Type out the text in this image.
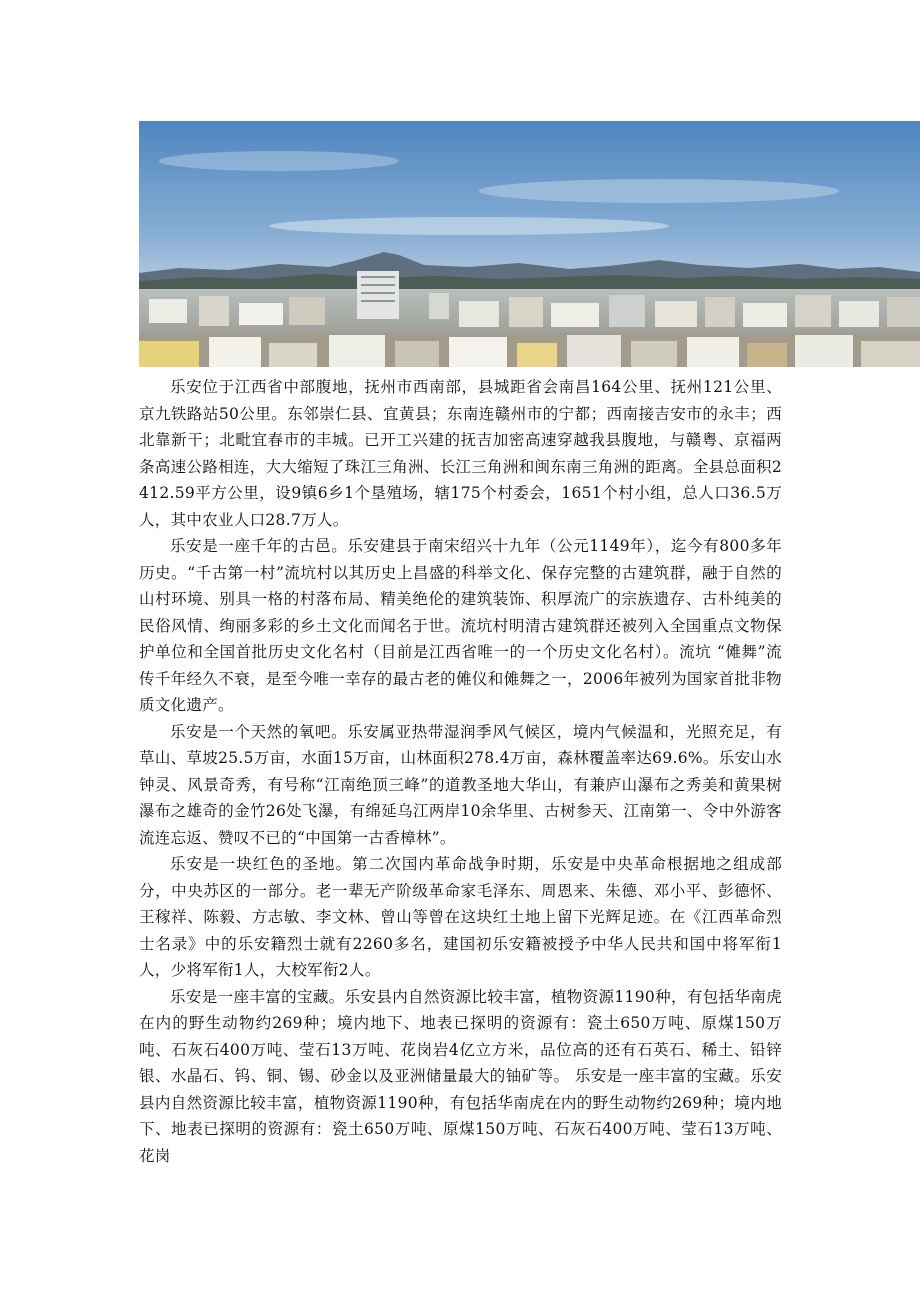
乐安位于江西省中部腹地，抚州市西南部，县城距省会南昌164公里、抚州121公里、京九铁路站50公里。东邻崇仁县、宜黄县；东南连赣州市的宁都；西南接吉安市的永丰；西北靠新干；北毗宜春市的丰城。已开工兴建的抚吉加密高速穿越我县腹地，与赣粤、京福两条高速公路相连，大大缩短了珠江三角洲、长江三角洲和闽东南三角洲的距离。全县总面积2412.59平方公里，设9镇6乡1个垦殖场，辖175个村委会，1651个村小组，总人口36.5万人，其中农业人口28.7万人。

乐安是一座千年的古邑。乐安建县于南宋绍兴十九年（公元1149年），迄今有800多年历史。“千古第一村”流坑村以其历史上昌盛的科举文化、保存完整的古建筑群，融于自然的山村环境、别具一格的村落布局、精美绝伦的建筑装饰、积厚流广的宗族遗存、古朴纯美的民俗风情、绚丽多彩的乡土文化而闻名于世。流坑村明清古建筑群还被列入全国重点文物保护单位和全国首批历史文化名村（目前是江西省唯一的一个历史文化名村）。流坑 “傩舞”流传千年经久不衰，是至今唯一幸存的最古老的傩仪和傩舞之一，2006年被列为国家首批非物质文化遗产。

乐安是一个天然的氧吧。乐安属亚热带湿润季风气候区，境内气候温和，光照充足，有草山、草坡25.5万亩，水面15万亩，山林面积278.4万亩，森林覆盖率达69.6%。乐安山水钟灵、风景奇秀，有号称“江南绝顶三峰”的道教圣地大华山，有兼庐山瀑布之秀美和黄果树瀑布之雄奇的金竹26处飞瀑，有绵延乌江两岸10余华里、古树参天、江南第一、令中外游客流连忘返、赞叹不已的“中国第一古香樟林”。

乐安是一块红色的圣地。第二次国内革命战争时期，乐安是中央革命根据地之组成部分，中央苏区的一部分。老一辈无产阶级革命家毛泽东、周恩来、朱德、邓小平、彭德怀、王稼祥、陈毅、方志敏、李文林、曾山等曾在这块红土地上留下光辉足迹。在《江西革命烈士名录》中的乐安籍烈士就有2260多名，建国初乐安籍被授予中华人民共和国中将军衔1人，少将军衔1人，大校军衔2人。

乐安是一座丰富的宝藏。乐安县内自然资源比较丰富，植物资源1190种，有包括华南虎在内的野生动物约269种；境内地下、地表已探明的资源有：瓷土650万吨、原煤150万吨、石灰石400万吨、莹石13万吨、花岗岩4亿立方米，品位高的还有石英石、稀土、铅锌银、水晶石、钨、铜、锡、砂金以及亚洲储量最大的铀矿等。 乐安是一座丰富的宝藏。乐安县内自然资源比较丰富，植物资源1190种，有包括华南虎在内的野生动物约269种；境内地下、地表已探明的资源有：瓷土650万吨、原煤150万吨、石灰石400万吨、莹石13万吨、花岗
